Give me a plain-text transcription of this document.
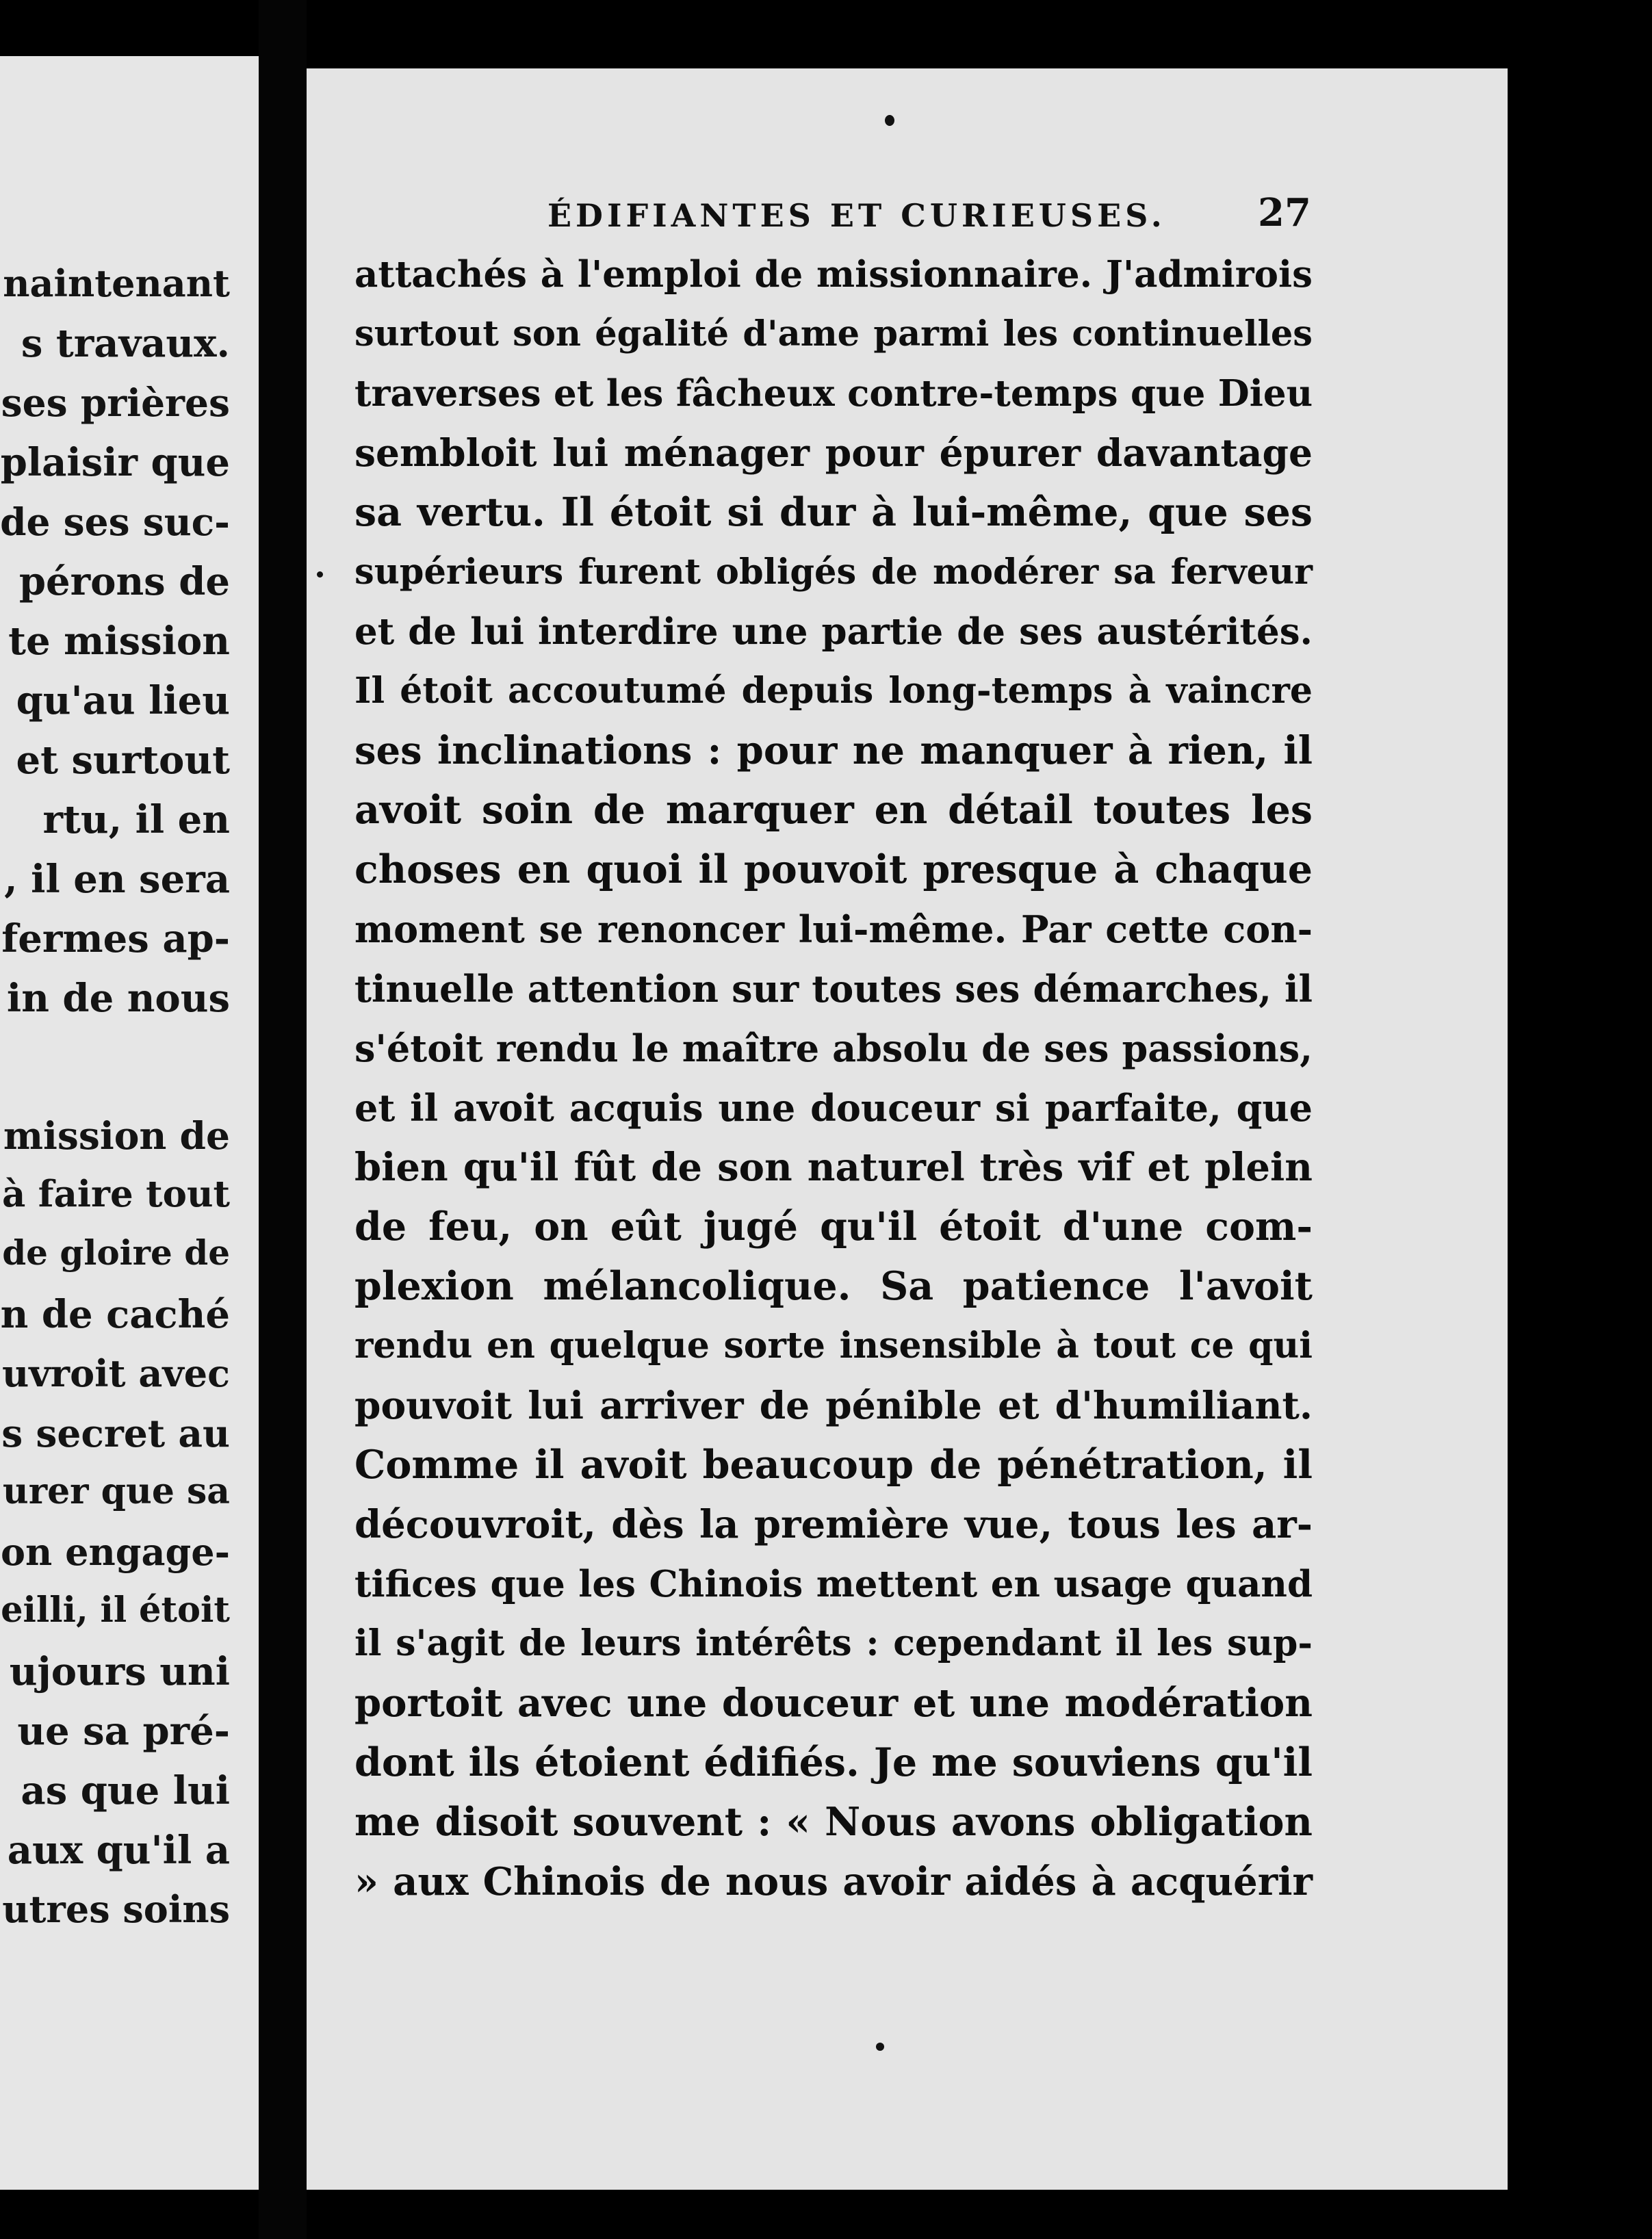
naintenant
s travaux.
ses prières
plaisir que
de ses suc-
pérons de
te mission
qu'au lieu
et surtout
rtu, il en
, il en sera
fermes ap-
in de nous
mission de
à faire tout
de gloire de
n de caché
uvroit avec
s secret au
urer que sa
on engage-
eilli, il étoit
ujours uni
ue sa pré-
as que lui
aux qu'il a
utres soins
ÉDIFIANTES ET CURIEUSES. 27
attachés à l'emploi de missionnaire. J'admirois
surtout son égalité d'ame parmi les continuelles
traverses et les fâcheux contre-temps que Dieu
sembloit lui ménager pour épurer davantage
sa vertu. Il étoit si dur à lui-même, que ses
supérieurs furent obligés de modérer sa ferveur
et de lui interdire une partie de ses austérités.
Il étoit accoutumé depuis long-temps à vaincre
ses inclinations : pour ne manquer à rien, il
avoit soin de marquer en détail toutes les
choses en quoi il pouvoit presque à chaque
moment se renoncer lui-même. Par cette con-
tinuelle attention sur toutes ses démarches, il
s'étoit rendu le maître absolu de ses passions,
et il avoit acquis une douceur si parfaite, que
bien qu'il fût de son naturel très vif et plein
de feu, on eût jugé qu'il étoit d'une com-
plexion mélancolique. Sa patience l'avoit
rendu en quelque sorte insensible à tout ce qui
pouvoit lui arriver de pénible et d'humiliant.
Comme il avoit beaucoup de pénétration, il
découvroit, dès la première vue, tous les ar-
tifices que les Chinois mettent en usage quand
il s'agit de leurs intérêts : cependant il les sup-
portoit avec une douceur et une modération
dont ils étoient édifiés. Je me souviens qu'il
me disoit souvent : « Nous avons obligation
» aux Chinois de nous avoir aidés à acquérir
